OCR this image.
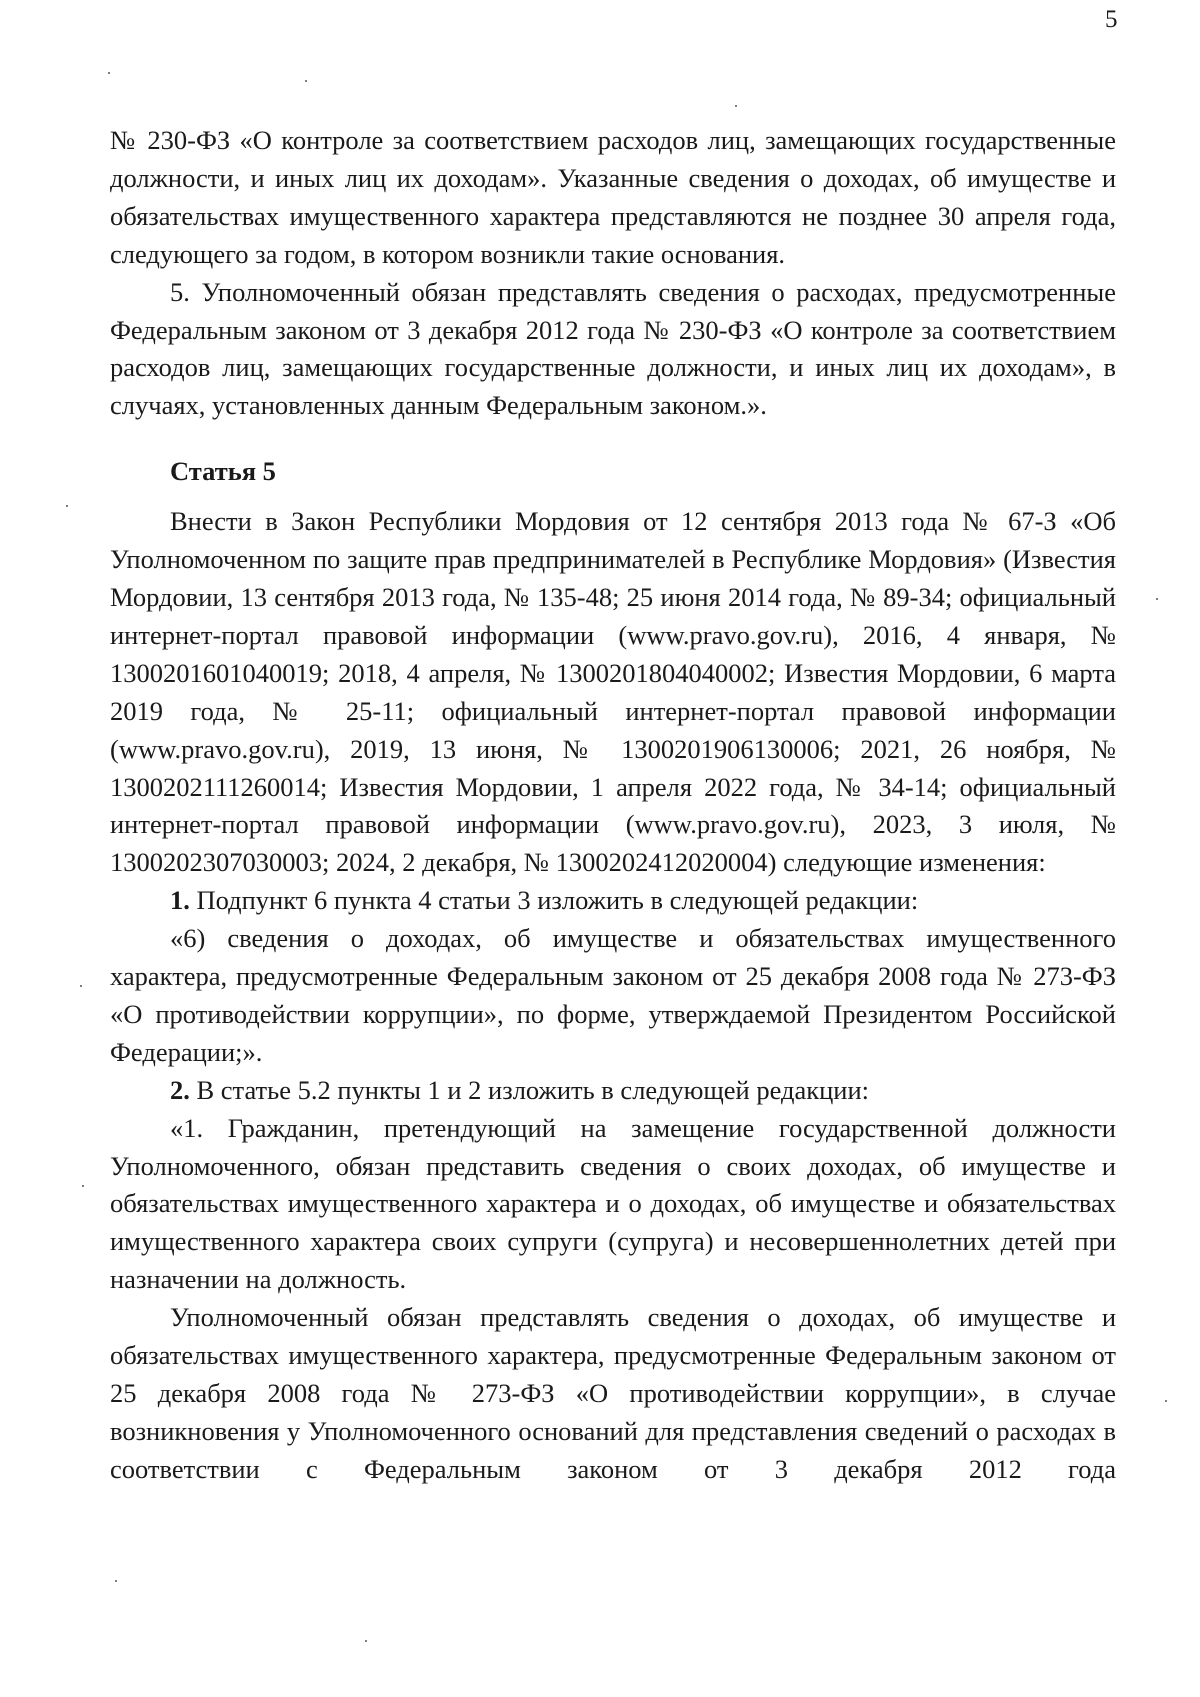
5

№ 230-ФЗ «О контроле за соответствием расходов лиц, замещающих государственные должности, и иных лиц их доходам». Указанные сведения о доходах, об имуществе и обязательствах имущественного характера представляются не позднее 30 апреля года, следующего за годом, в котором возникли такие основания.

5. Уполномоченный обязан представлять сведения о расходах, предусмотренные Федеральным законом от 3 декабря 2012 года № 230-ФЗ «О контроле за соответствием расходов лиц, замещающих государственные должности, и иных лиц их доходам», в случаях, установленных данным Федеральным законом.».

Статья 5

Внести в Закон Республики Мордовия от 12 сентября 2013 года № 67-З «Об Уполномоченном по защите прав предпринимателей в Республике Мордовия» (Известия Мордовии, 13 сентября 2013 года, № 135-48; 25 июня 2014 года, № 89-34; официальный интернет-портал правовой информации (www.pravo.gov.ru), 2016, 4 января, № 1300201601040019; 2018, 4 апреля, № 1300201804040002; Известия Мордовии, 6 марта 2019 года, № 25-11; официальный интернет-портал правовой информации (www.pravo.gov.ru), 2019, 13 июня, № 1300201906130006; 2021, 26 ноября, № 1300202111260014; Известия Мордовии, 1 апреля 2022 года, № 34-14; официальный интернет-портал правовой информации (www.pravo.gov.ru), 2023, 3 июля, № 1300202307030003; 2024, 2 декабря, № 1300202412020004) следующие изменения:

1. Подпункт 6 пункта 4 статьи 3 изложить в следующей редакции:

«6) сведения о доходах, об имуществе и обязательствах имущественного характера, предусмотренные Федеральным законом от 25 декабря 2008 года № 273-ФЗ «О противодействии коррупции», по форме, утверждаемой Президентом Российской Федерации;».

2. В статье 5.2 пункты 1 и 2 изложить в следующей редакции:

«1. Гражданин, претендующий на замещение государственной должности Уполномоченного, обязан представить сведения о своих доходах, об имуществе и обязательствах имущественного характера и о доходах, об имуществе и обязательствах имущественного характера своих супруги (супруга) и несовершеннолетних детей при назначении на должность.

Уполномоченный обязан представлять сведения о доходах, об имуществе и обязательствах имущественного характера, предусмотренные Федеральным законом от 25 декабря 2008 года № 273-ФЗ «О противодействии коррупции», в случае возникновения у Уполномоченного оснований для представления сведений о расходах в соответствии с Федеральным законом от 3 декабря 2012 года
